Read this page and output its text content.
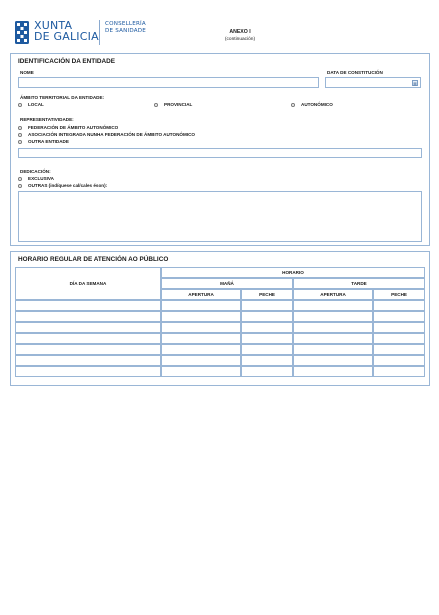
XUNTA
DE GALICIA
CONSELLERÍA
DE SANIDADE	ANEXO I
(continuación)
IDENTIFICACIÓN DA ENTIDADE
NOME	DATA DE CONSTITUCIÓN
▦
ÁMBITO TERRITORIAL DA ENTIDADE:
LOCAL	PROVINCIAL	AUTONÓMICO
REPRESENTATIVIDADE:
FEDERACIÓN DE ÁMBITO AUTONÓMICO
ASOCIACIÓN INTEGRADA NUNHA FEDERACIÓN DE ÁMBITO AUTONÓMICO
OUTRA ENTIDADE
DEDICACIÓN:
EXCLUSIVA
OUTRAS (indíquese cal/cales éson):
HORARIO REGULAR DE ATENCIÓN AO PÚBLICO
DÍA DA SEMANA	HORARIO			
	MAÑÁ		TARDE	
	APERTURA	PECHE	APERTURA	PECHE
